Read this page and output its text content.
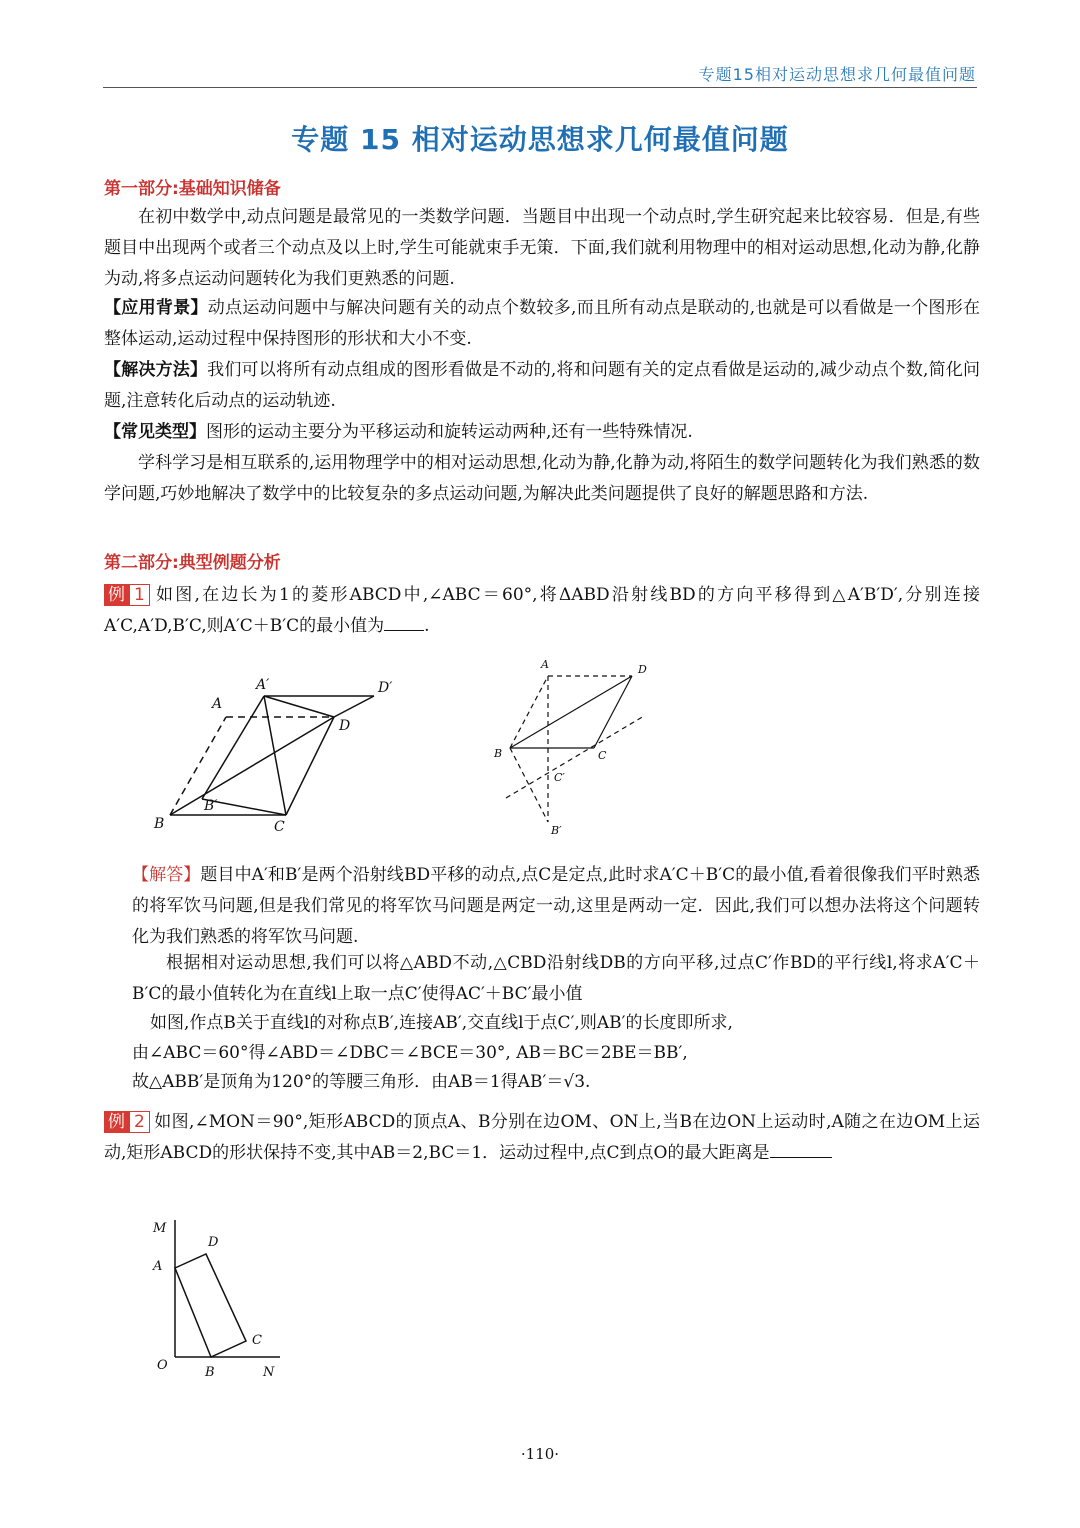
专题15相对运动思想求几何最值问题
专题 15 相对运动思想求几何最值问题
第一部分:基础知识储备
在初中数学中,动点问题是最常见的一类数学问题．当题目中出现一个动点时,学生研究起来比较容易．但是,有些题目中出现两个或者三个动点及以上时,学生可能就束手无策．下面,我们就利用物理中的相对运动思想,化动为静,化静为动,将多点运动问题转化为我们更熟悉的问题.
【应用背景】动点运动问题中与解决问题有关的动点个数较多,而且所有动点是联动的,也就是可以看做是一个图形在整体运动,运动过程中保持图形的形状和大小不变.
【解决方法】我们可以将所有动点组成的图形看做是不动的,将和问题有关的定点看做是运动的,减少动点个数,简化问题,注意转化后动点的运动轨迹.
【常见类型】图形的运动主要分为平移运动和旋转运动两种,还有一些特殊情况.
学科学习是相互联系的,运用物理学中的相对运动思想,化动为静,化静为动,将陌生的数学问题转化为我们熟悉的数学问题,巧妙地解决了数学中的比较复杂的多点运动问题,为解决此类问题提供了良好的解题思路和方法.
第二部分:典型例题分析
例 1 如图,在边长为1的菱形ABCD中,∠ABC＝60°,将ΔABD沿射线BD的方向平移得到△A′B′D′,分别连接A′C,A′D,B′C,则A′C＋B′C的最小值为 .
A
A′	D′
D
B
B′
C
A	D
B	C
C′
B′
【解答】题目中A′和B′是两个沿射线BD平移的动点,点C是定点,此时求A′C＋B′C的最小值,看着很像我们平时熟悉的将军饮马问题,但是我们常见的将军饮马问题是两定一动,这里是两动一定．因此,我们可以想办法将这个问题转化为我们熟悉的将军饮马问题.
根据相对运动思想,我们可以将△ABD不动,△CBD沿射线DB的方向平移,过点C′作BD的平行线l,将求A′C＋B′C的最小值转化为在直线l上取一点C′使得AC′＋BC′最小值
如图,作点B关于直线l的对称点B′,连接AB′,交直线l于点C′,则AB′的长度即所求,
由∠ABC＝60°得∠ABD＝∠DBC＝∠BCE＝30°, AB＝BC＝2BE＝BB′,
故△ABB′是顶角为120°的等腰三角形．由AB＝1得AB′＝√3.
例 2 如图,∠MON＝90°,矩形ABCD的顶点A、B分别在边OM、ON上,当B在边ON上运动时,A随之在边OM上运动,矩形ABCD的形状保持不变,其中AB＝2,BC＝1．运动过程中,点C到点O的最大距离是
M
D
A
C
O	B	N
·110·
